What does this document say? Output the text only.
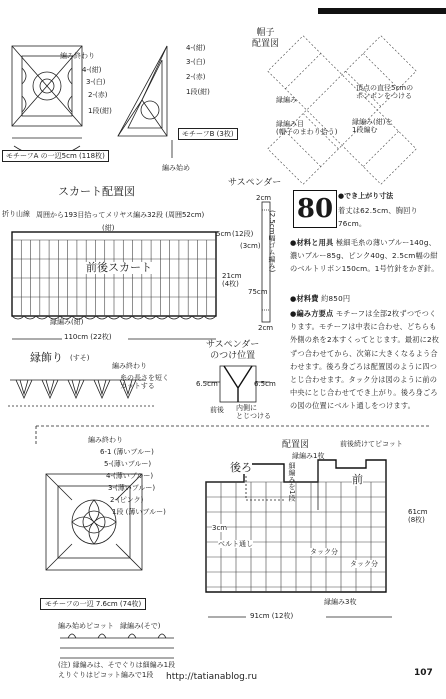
編み終わり
4-(紺)
3-(白)
2-(赤)
1段(紺)
モチーフA の一辺5cm (118枚)
4-(紺)
3-(白)
2-(赤)
1段(紺)
モチーフB (3枚)
編み始め
帽子
配置図
縁編み
頂点の直径5cmの
ポンポンをつける
縁編み目
(帽子のまわり拾う)
縁編み(紺)を
1段編む
スカート配置図
周囲から193目拾ってメリヤス編み32段 (周囲52cm)
折り山線
(紺)
前後スカート
5cm (12段)
21cm
(4枚)
縁編み(紺)
110cm (22枚)
サスペンダー
2cm
(2.5cm幅ゴム編み)
(3cm)
75cm
2cm
サスペンダー
のつけ位置
6.5cm	6.5cm
前後 内側に
とじつける
縁飾り (すそ)
編み終わり
糸の長さを短く
カットする
80 ●でき上がり寸法
着丈は62.5cm、胸回り76cm。
●材料と用具 極細毛糸の薄いブルー140g、濃いブルー85g、ピンク40g、2.5cm幅の紺のベルトリボン150cm。1号竹針をかぎ針。
●材料費 約850円
●編み方要点 モチーフは全部2枚ずつでつくります。モチーフは中表に合わせ、どちらも外側の糸を2本すくってとじます。最初に2枚ずつ合わせてから、次第に大きくなるよう合わせます。後ろ身ごろは配置図のように四つとじ合わせます。タック分は図のように前の中央にとじ合わせてでき上がり。後ろ身ごろの図の位置にベルト通しをつけます。
編み終わり
6-1 (薄いブルー)
5-(薄いブルー)
4-(薄いブルー)
3-(薄いブルー)
2-(ピンク)
1段 (薄いブルー)
モチーフの一辺 7.6cm (74枚)
編み始めピコット 縁編み(そで)
(注) 縁編みは、そでぐりは細編み1段
えりぐりはピコット編みで1段
配置図	前後続けてピコット
後ろ
前
細編みを1段
縁編み1枚
3cm
ベルト通し
タック分
タック分
縁編み3枚
61cm
(8枚)
91cm (12枚)
http://tatianablog.ru	107
